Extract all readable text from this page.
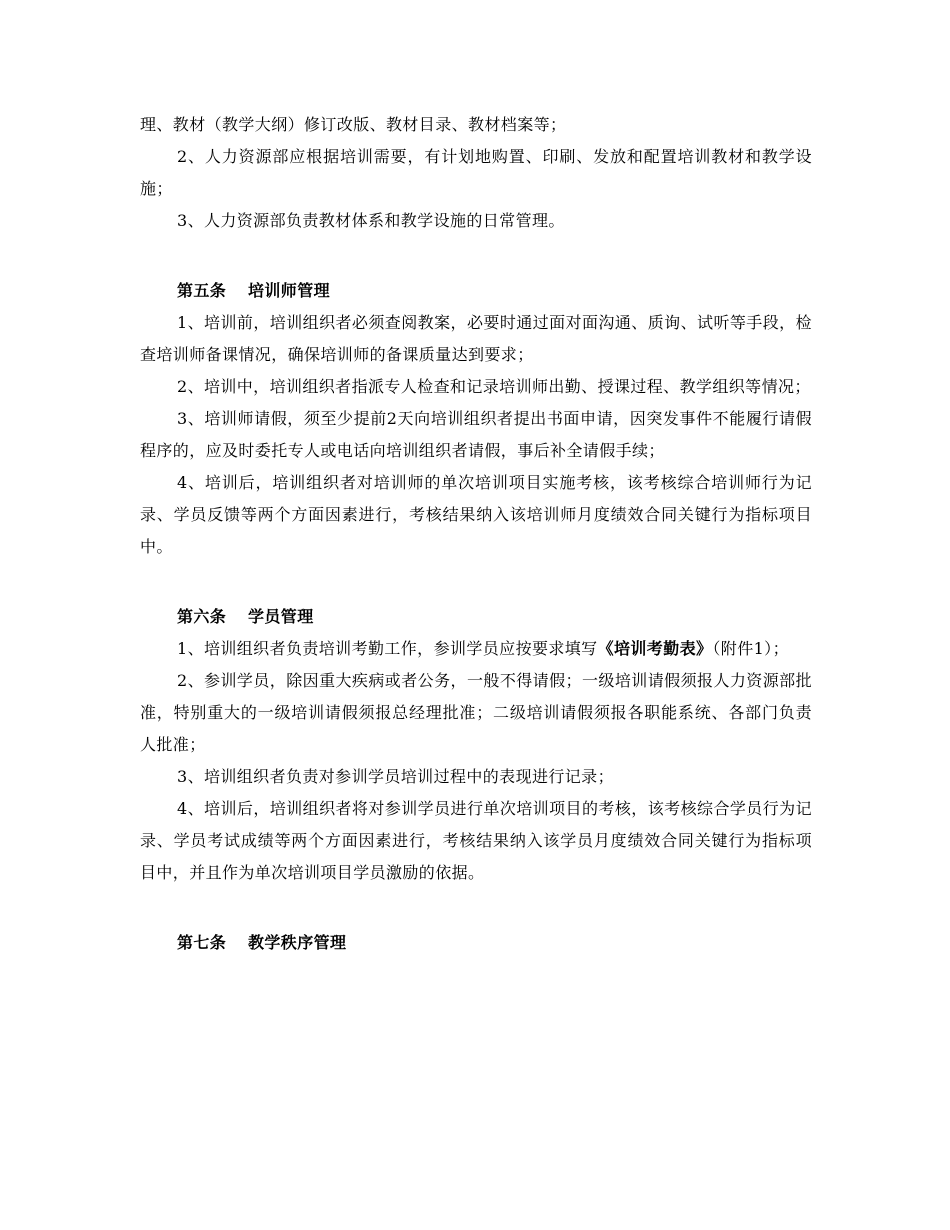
理、教材（教学大纲）修订改版、教材目录、教材档案等；

2、人力资源部应根据培训需要，有计划地购置、印刷、发放和配置培训教材和教学设施；

3、人力资源部负责教材体系和教学设施的日常管理。

第五条 培训师管理

1、培训前，培训组织者必须查阅教案，必要时通过面对面沟通、质询、试听等手段，检查培训师备课情况，确保培训师的备课质量达到要求；

2、培训中，培训组织者指派专人检查和记录培训师出勤、授课过程、教学组织等情况；

3、培训师请假，须至少提前2天向培训组织者提出书面申请，因突发事件不能履行请假程序的，应及时委托专人或电话向培训组织者请假，事后补全请假手续；

4、培训后，培训组织者对培训师的单次培训项目实施考核，该考核综合培训师行为记录、学员反馈等两个方面因素进行，考核结果纳入该培训师月度绩效合同关键行为指标项目中。

第六条 学员管理

1、培训组织者负责培训考勤工作，参训学员应按要求填写《培训考勤表》（附件1）；

2、参训学员，除因重大疾病或者公务，一般不得请假；一级培训请假须报人力资源部批准，特别重大的一级培训请假须报总经理批准；二级培训请假须报各职能系统、各部门负责人批准；

3、培训组织者负责对参训学员培训过程中的表现进行记录；

4、培训后，培训组织者将对参训学员进行单次培训项目的考核，该考核综合学员行为记录、学员考试成绩等两个方面因素进行，考核结果纳入该学员月度绩效合同关键行为指标项目中，并且作为单次培训项目学员激励的依据。

第七条 教学秩序管理
